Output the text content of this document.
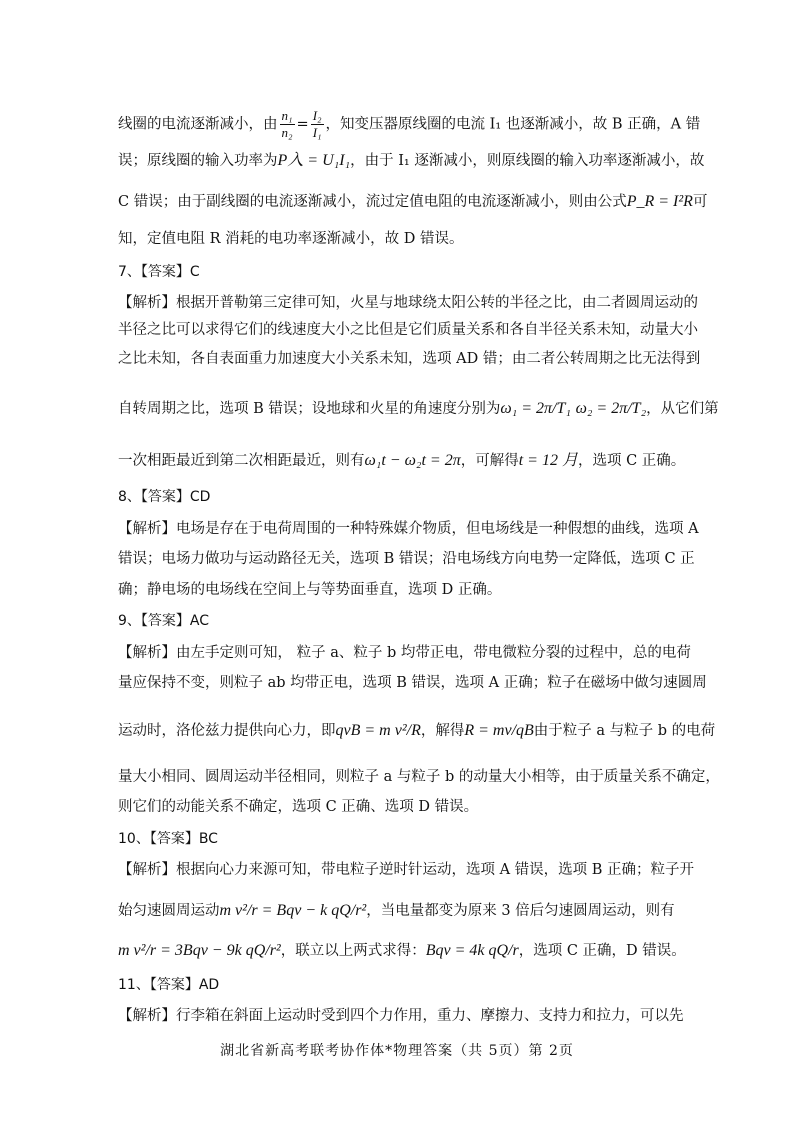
线圈的电流逐渐减小，由 $\frac{\text{n₁}}{\text{n₂}} = \frac{\text{I₂}}{\text{I₁}}$ ，知变压器原线圈的电流 I₁ 也逐渐减小，故 B 正确，A 错
误；原线圈的输入功率为P入 = U₁I₁，由于 I₁ 逐渐减小，则原线圈的输入功率逐渐减小，故
C 错误；由于副线圈的电流逐渐减小，流过定值电阻的电流逐渐减小，则由公式P_R = I²R可
知，定值电阻 R 消耗的电功率逐渐减小，故 D 错误。
7、【答案】C
【解析】根据开普勒第三定律可知，火星与地球绕太阳公转的半径之比，由二者圆周运动的
半径之比可以求得它们的线速度大小之比但是它们质量关系和各自半径关系未知，动量大小
之比未知，各自表面重力加速度大小关系未知，选项 AD 错；由二者公转周期之比无法得到
自转周期之比，选项 B 错误；设地球和火星的角速度分别为ω₁ = 2π/T₁ ω₂ = 2π/T₂，从它们第
一次相距最近到第二次相距最近，则有ω₁t − ω₂t = 2π，可解得t = 12 月，选项 C 正确。
8、【答案】CD
【解析】电场是存在于电荷周围的一种特殊媒介物质，但电场线是一种假想的曲线，选项 A
错误；电场力做功与运动路径无关，选项 B 错误；沿电场线方向电势一定降低，选项 C 正
确；静电场的电场线在空间上与等势面垂直，选项 D 正确。
9、【答案】AC
【解析】由左手定则可知， 粒子 a、粒子 b 均带正电，带电微粒分裂的过程中，总的电荷
量应保持不变，则粒子 ab 均带正电，选项 B 错误，选项 A 正确；粒子在磁场中做匀速圆周
运动时，洛伦兹力提供向心力，即qvB = m v²/R，解得R = mv/qB由于粒子 a 与粒子 b 的电荷
量大小相同、圆周运动半径相同，则粒子 a 与粒子 b 的动量大小相等，由于质量关系不确定，
则它们的动能关系不确定，选项 C 正确、选项 D 错误。
10、【答案】BC
【解析】根据向心力来源可知，带电粒子逆时针运动，选项 A 错误，选项 B 正确；粒子开
始匀速圆周运动m v²/r = Bqv − k qQ/r²，当电量都变为原来 3 倍后匀速圆周运动，则有
m v²/r = 3Bqv − 9k qQ/r²，联立以上两式求得：Bqv = 4k qQ/r，选项 C 正确，D 错误。
11、【答案】AD
【解析】行李箱在斜面上运动时受到四个力作用，重力、摩擦力、支持力和拉力，可以先
湖北省新高考联考协作体*物理答案（共 5页）第 2页
